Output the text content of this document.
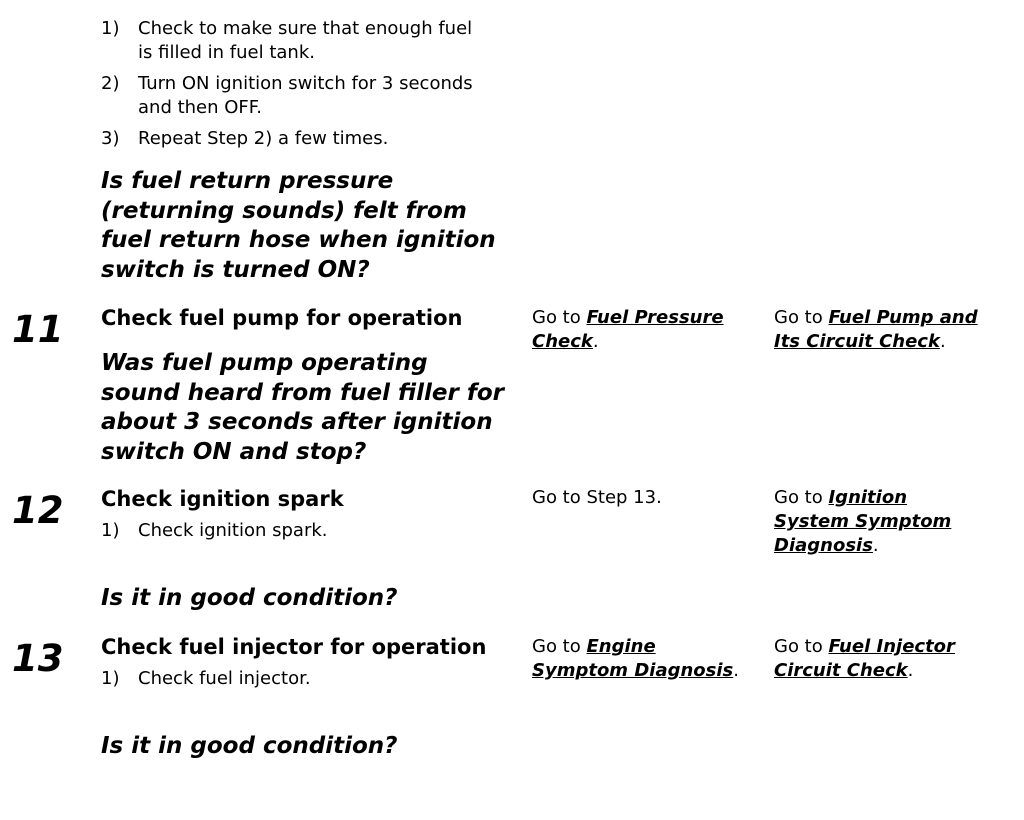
1) Check to make sure that enough fuel is filled in fuel tank.
2) Turn ON ignition switch for 3 seconds and then OFF.
3) Repeat Step 2) a few times.
Is fuel return pressure (returning sounds) felt from fuel return hose when ignition switch is turned ON?
11 Check fuel pump for operation
Was fuel pump operating sound heard from fuel filler for about 3 seconds after ignition switch ON and stop?
Go to Fuel Pressure Check.
Go to Fuel Pump and Its Circuit Check.
12 Check ignition spark
1) Check ignition spark.
Is it in good condition?
Go to Step 13.	Go to Ignition System Symptom Diagnosis.
13 Check fuel injector for operation
1) Check fuel injector.
Is it in good condition?
Go to Engine Symptom Diagnosis.
Go to Fuel Injector Circuit Check.
